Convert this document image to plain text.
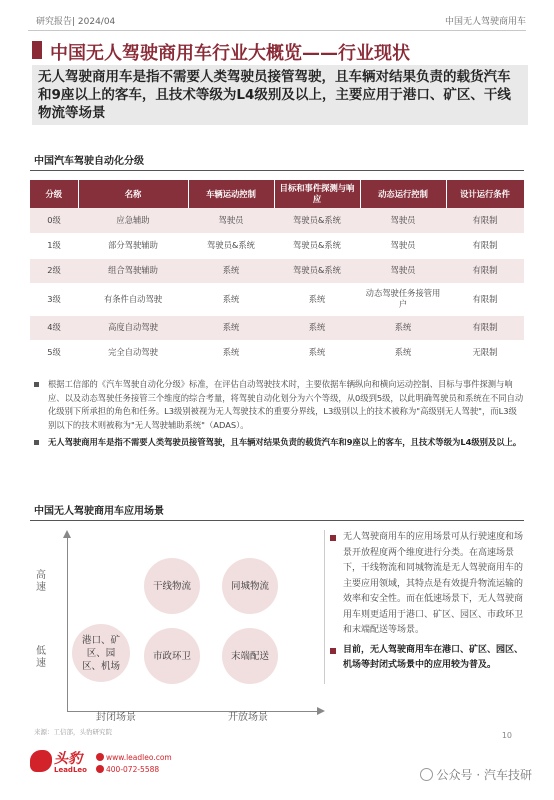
研究报告| 2024/04	中国无人驾驶商用车
中国无人驾驶商用车行业大概览——行业现状
无人驾驶商用车是指不需要人类驾驶员接管驾驶，且车辆对结果负责的载货汽车和9座以上的客车，且技术等级为L4级别及以上，主要应用于港口、矿区、干线物流等场景
中国汽车驾驶自动化分级
分级	名称	车辆运动控制	目标和事件探测与响应	动态运行控制	设计运行条件
0级	应急辅助	驾驶员	驾驶员&系统	驾驶员	有限制
1级	部分驾驶辅助	驾驶员&系统	驾驶员&系统	驾驶员	有限制
2级	组合驾驶辅助	系统	驾驶员&系统	驾驶员	有限制
3级	有条件自动驾驶	系统	系统	动态驾驶任务接管用户	有限制
4级	高度自动驾驶	系统	系统	系统	有限制
5级	完全自动驾驶	系统	系统	系统	无限制
根据工信部的《汽车驾驶自动化分级》标准，在评估自动驾驶技术时，主要依据车辆纵向和横向运动控制、目标与事件探测与响应、以及动态驾驶任务接管三个维度的综合考量，将驾驶自动化划分为六个等级，从0级到5级，以此明确驾驶员和系统在不同自动化级别下所承担的角色和任务。L3级别被视为无人驾驶技术的重要分界线，L3级别以上的技术被称为"高级别无人驾驶"，而L3级别以下的技术则被称为"无人驾驶辅助系统"（ADAS）。
无人驾驶商用车是指不需要人类驾驶员接管驾驶，且车辆对结果负责的载货汽车和9座以上的客车，且技术等级为L4级别及以上。
中国无人驾驶商用车应用场景
高速
低速
封闭场景	开放场景
干线物流	同城物流
港口、矿区、园区、机场
市政环卫	末端配送
无人驾驶商用车的应用场景可从行驶速度和场景开放程度两个维度进行分类。在高速场景下，干线物流和同城物流是无人驾驶商用车的主要应用领域，其特点是有效提升物流运输的效率和安全性。而在低速场景下，无人驾驶商用车则更适用于港口、矿区、园区、市政环卫和末端配送等场景。
目前，无人驾驶商用车在港口、矿区、园区、机场等封闭式场景中的应用较为普及。
来源：工信部，头豹研究院	10
头豹
LeadLeo
www.leadleo.com
400-072-5588	公众号 · 汽车技研
